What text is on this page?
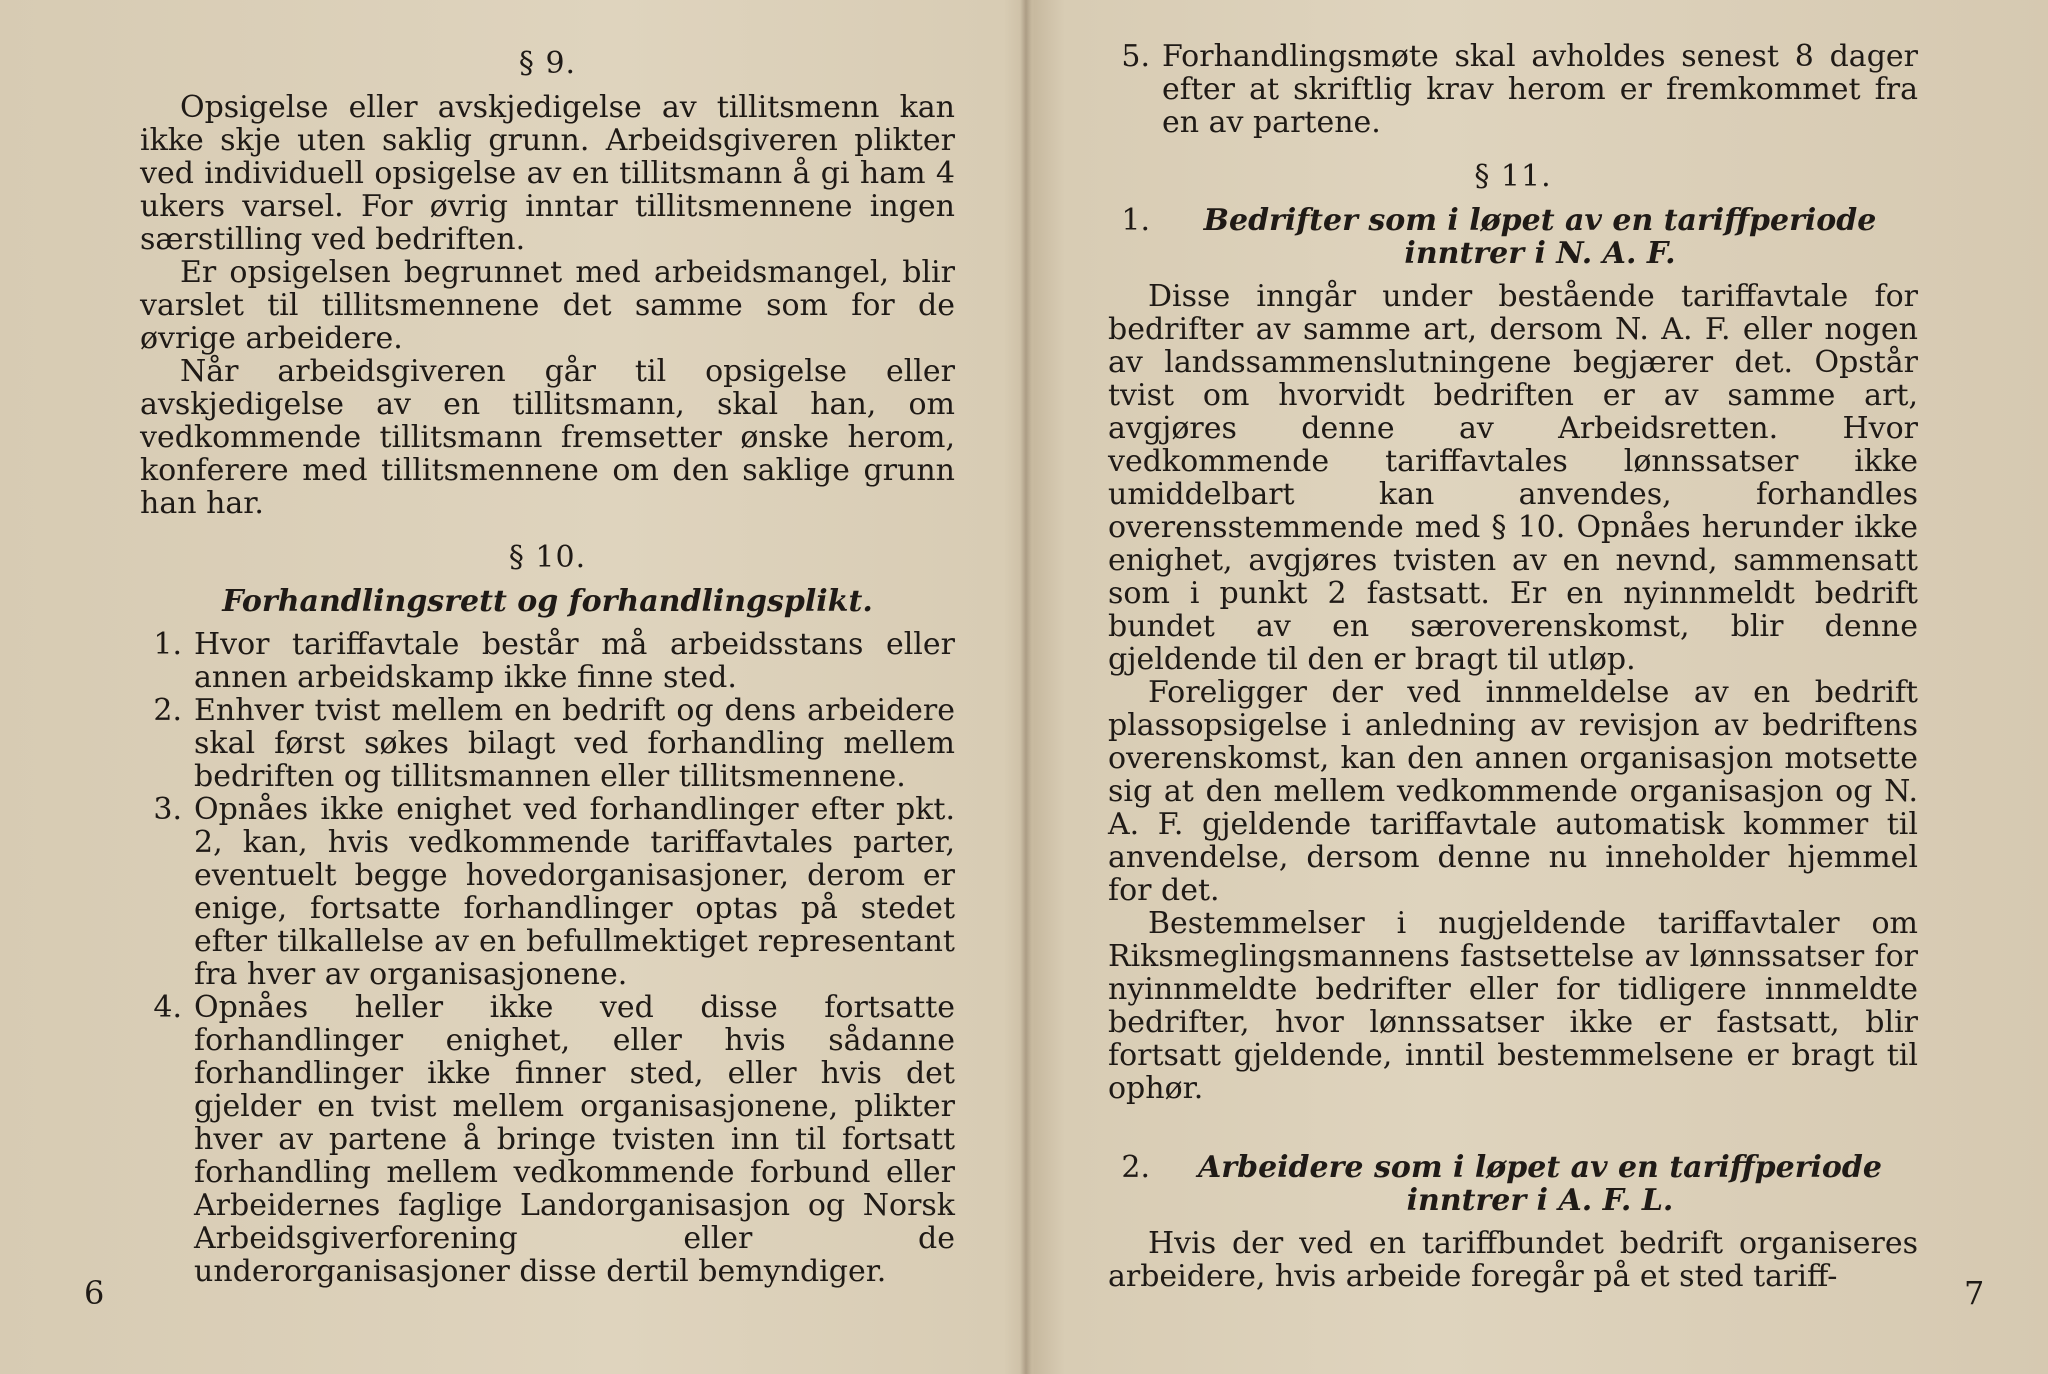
§ 9.

Opsigelse eller avskjedigelse av tillitsmenn kan ikke skje uten saklig grunn. Arbeidsgiveren plikter ved individuell opsigelse av en tillitsmann å gi ham 4 ukers varsel. For øvrig inntar tillitsmennene ingen særstilling ved bedriften.

Er opsigelsen begrunnet med arbeidsmangel, blir varslet til tillitsmennene det samme som for de øvrige arbeidere.

Når arbeidsgiveren går til opsigelse eller avskjedigelse av en tillitsmann, skal han, om vedkommende tillitsmann fremsetter ønske herom, konferere med tillitsmennene om den saklige grunn han har.

§ 10.
Forhandlingsrett og forhandlingsplikt.
1. Hvor tariffavtale består må arbeidsstans eller annen arbeidskamp ikke finne sted.
2. Enhver tvist mellem en bedrift og dens arbeidere skal først søkes bilagt ved forhandling mellem bedriften og tillitsmannen eller tillitsmennene.
3. Opnåes ikke enighet ved forhandlinger efter pkt. 2, kan, hvis vedkommende tariffavtales parter, eventuelt begge hovedorganisasjoner, derom er enige, fortsatte forhandlinger optas på stedet efter tilkallelse av en befullmektiget representant fra hver av organisasjonene.
4. Opnåes heller ikke ved disse fortsatte forhandlinger enighet, eller hvis sådanne forhandlinger ikke finner sted, eller hvis det gjelder en tvist mellem organisasjonene, plikter hver av partene å bringe tvisten inn til fortsatt forhandling mellem vedkommende forbund eller Arbeidernes faglige Landorganisasjon og Norsk Arbeidsgiverforening eller de underorganisasjoner disse dertil bemyndiger.
6
5. Forhandlingsmøte skal avholdes senest 8 dager efter at skriftlig krav herom er fremkommet fra en av partene.
§ 11.
1.	Bedrifter som i løpet av en tariffperiode inntrer i N. A. F.

Disse inngår under bestående tariffavtale for bedrifter av samme art, dersom N. A. F. eller nogen av landssammenslutningene begjærer det. Opstår tvist om hvorvidt bedriften er av samme art, avgjøres denne av Arbeidsretten. Hvor vedkommende tariffavtales lønnssatser ikke umiddelbart kan anvendes, forhandles overensstemmende med § 10. Opnåes herunder ikke enighet, avgjøres tvisten av en nevnd, sammensatt som i punkt 2 fastsatt. Er en nyinnmeldt bedrift bundet av en særoverenskomst, blir denne gjeldende til den er bragt til utløp.

Foreligger der ved innmeldelse av en bedrift plassopsigelse i anledning av revisjon av bedriftens overenskomst, kan den annen organisasjon motsette sig at den mellem vedkommende organisasjon og N. A. F. gjeldende tariffavtale automatisk kommer til anvendelse, dersom denne nu inneholder hjemmel for det.

Bestemmelser i nugjeldende tariffavtaler om Riksmeglingsmannens fastsettelse av lønnssatser for nyinnmeldte bedrifter eller for tidligere innmeldte bedrifter, hvor lønnssatser ikke er fastsatt, blir fortsatt gjeldende, inntil bestemmelsene er bragt til ophør.

2.	Arbeidere som i løpet av en tariffperiode inntrer i A. F. L.

Hvis der ved en tariffbundet bedrift organiseres arbeidere, hvis arbeide foregår på et sted tariff-	7
